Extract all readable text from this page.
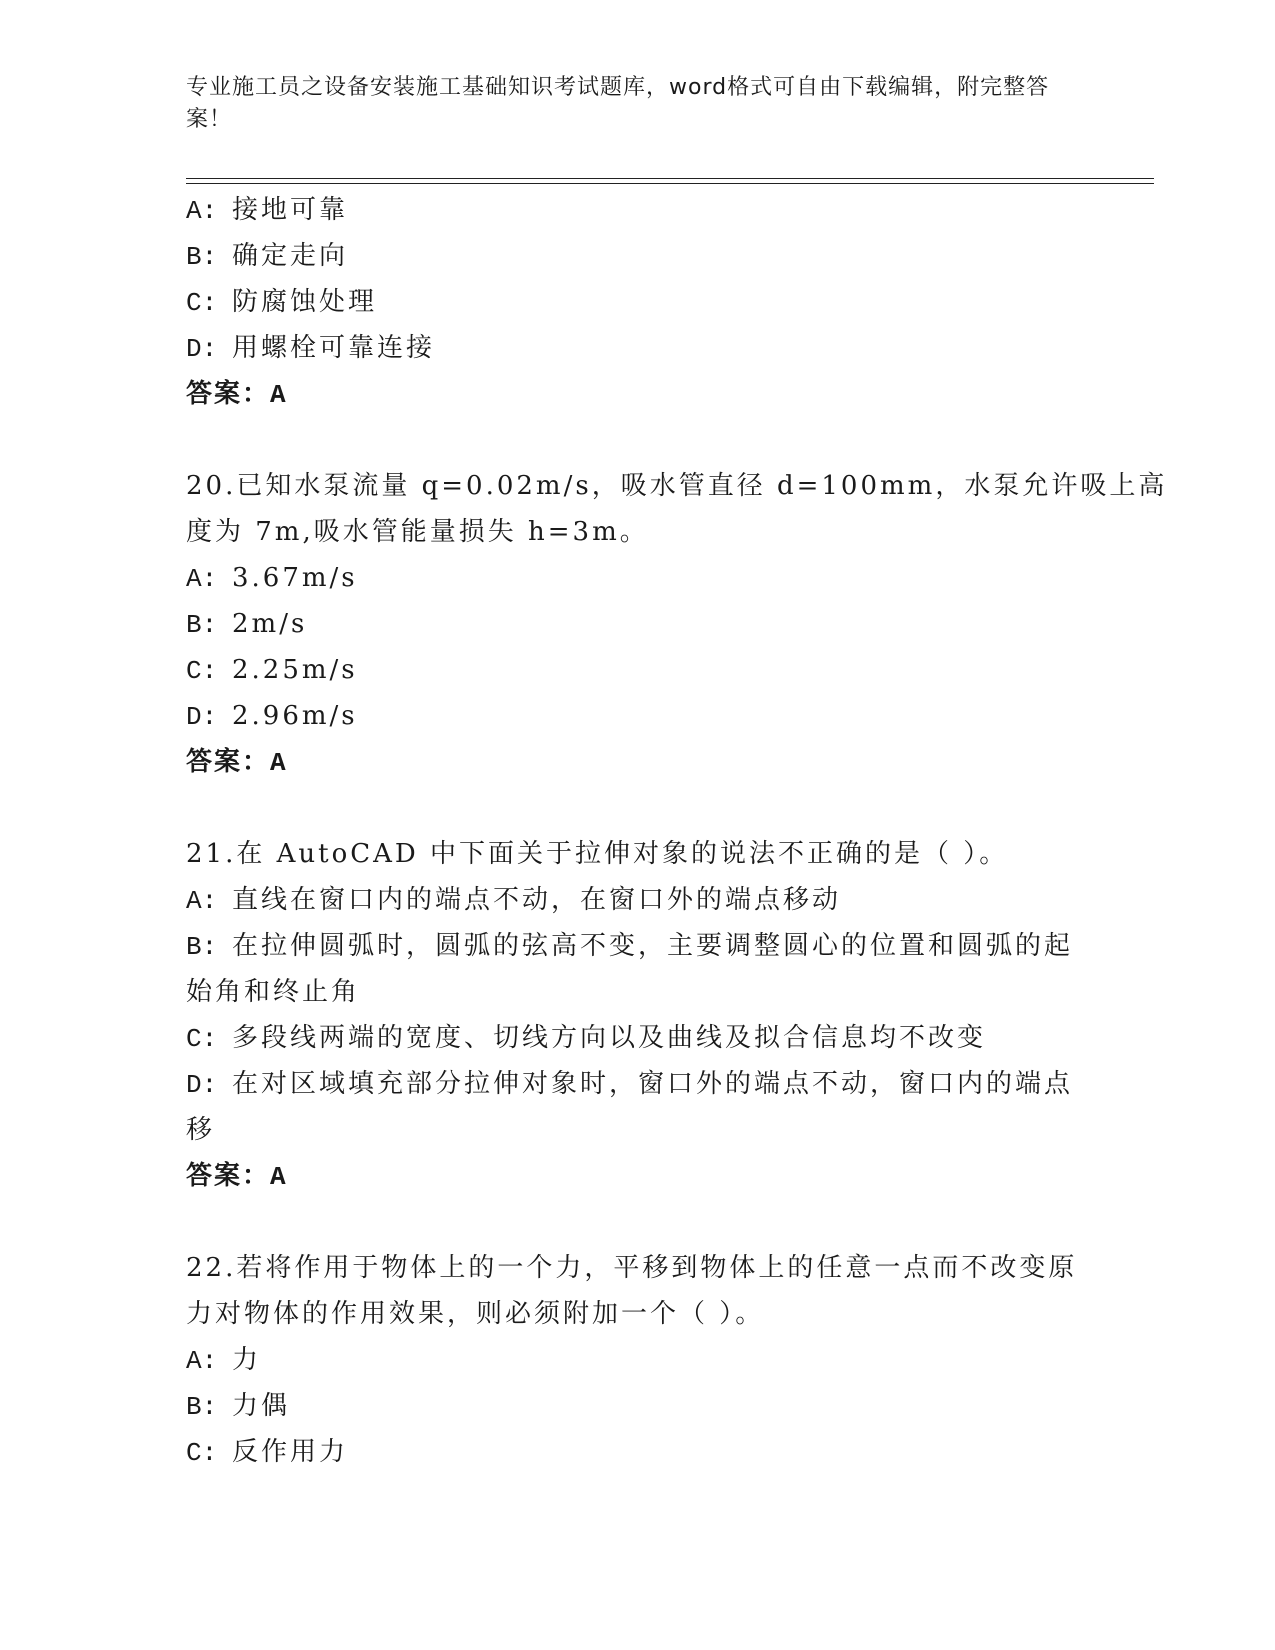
专业施工员之设备安装施工基础知识考试题库，word格式可自由下载编辑，附完整答案！
A: 接地可靠
B: 确定走向
C: 防腐蚀处理
D: 用螺栓可靠连接
答案：A
20.已知水泵流量 q=0.02m/s，吸水管直径 d=100mm，水泵允许吸上高
度为 7m,吸水管能量损失 h=3m。
A: 3.67m/s
B: 2m/s
C: 2.25m/s
D: 2.96m/s
答案：A
21.在 AutoCAD 中下面关于拉伸对象的说法不正确的是（ ）。
A: 直线在窗口内的端点不动，在窗口外的端点移动
B: 在拉伸圆弧时，圆弧的弦高不变，主要调整圆心的位置和圆弧的起
始角和终止角
C: 多段线两端的宽度、切线方向以及曲线及拟合信息均不改变
D: 在对区域填充部分拉伸对象时，窗口外的端点不动，窗口内的端点
移
答案：A
22.若将作用于物体上的一个力，平移到物体上的任意一点而不改变原
力对物体的作用效果，则必须附加一个（ ）。
A: 力
B: 力偶
C: 反作用力
